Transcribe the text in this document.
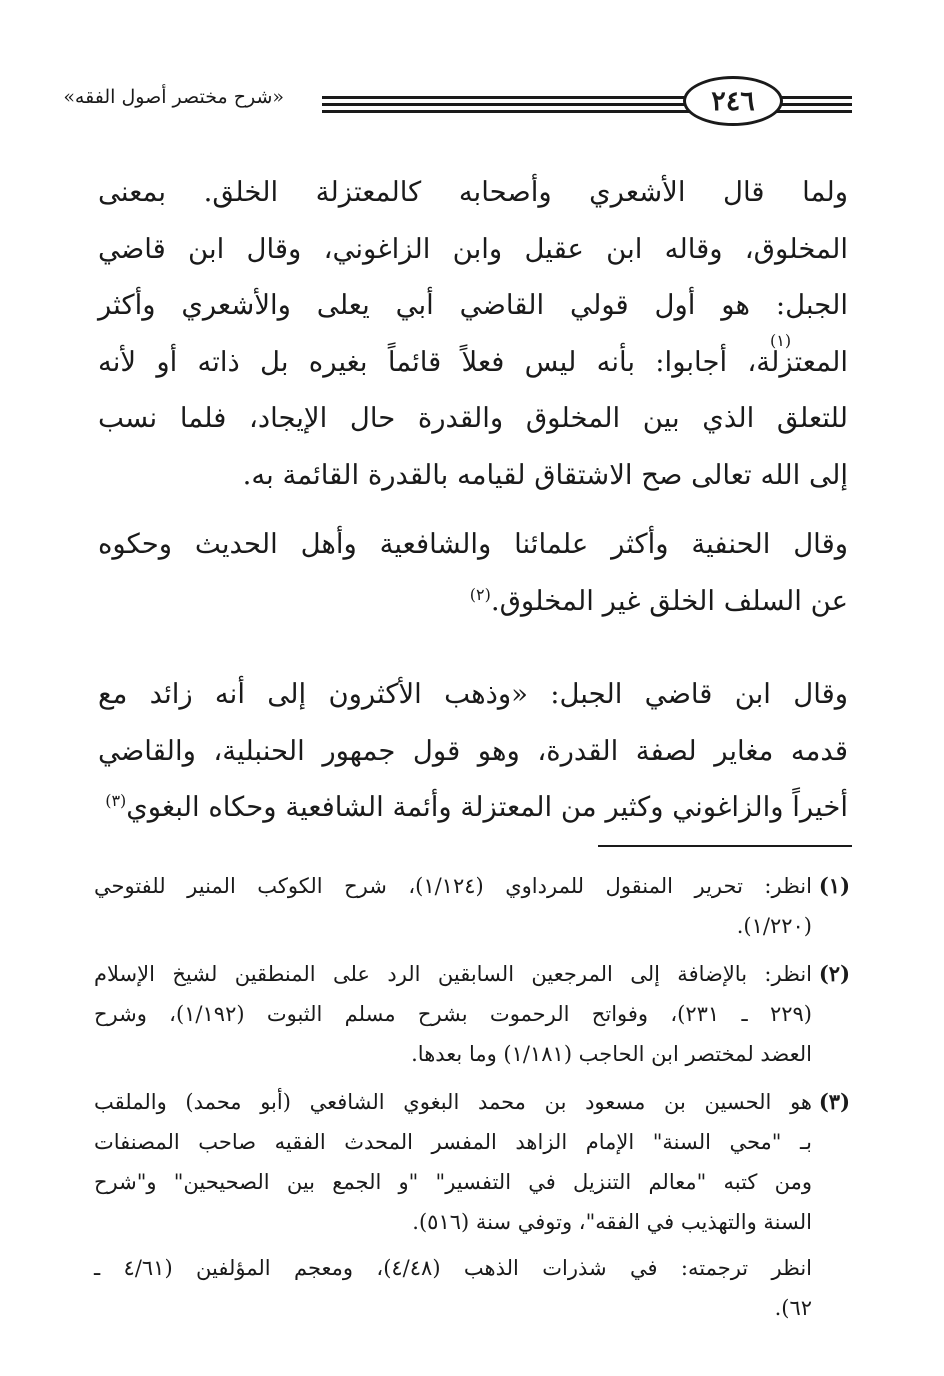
٢٤٦
«شرح مختصر أصول الفقه»
ولما قال الأشعري وأصحابه كالمعتزلة الخلق. بمعنى
المخلوق، وقاله ابن عقيل وابن الزاغوني، وقال ابن قاضي
الجبل: هو أول قولي القاضي أبي يعلى والأشعري وأكثر
المعتزلة، أجابوا: بأنه ليس فعلاً قائماً بغيره بل ذاته أو لأنه
للتعلق الذي بين المخلوق والقدرة حال الإيجاد، فلما نسب
إلى الله تعالى صح الاشتقاق لقيامه بالقدرة القائمة به.
(١)
وقال الحنفية وأكثر علمائنا والشافعية وأهل الحديث وحكوه
عن السلف الخلق غير المخلوق.$^{(٢)}$
وقال ابن قاضي الجبل: «وذهب الأكثرون إلى أنه زائد مع
قدمه مغاير لصفة القدرة، وهو قول جمهور الحنبلية، والقاضي
أخيراً والزاغوني وكثير من المعتزلة وأئمة الشافعية وحكاه البغوي$^{(٣)}$
(١)
انظر: تحرير المنقول للمرداوي (١/١٢٤)، شرح الكوكب المنير للفتوحي
(١/٢٢٠).
(٢)
انظر: بالإضافة إلى المرجعين السابقين الرد على المنطقين لشيخ الإسلام
(٢٢٩ ـ ٢٣١)، وفواتح الرحموت بشرح مسلم الثبوت (١/١٩٢)، وشرح
العضد لمختصر ابن الحاجب (١/١٨١) وما بعدها.
(٣)
هو الحسين بن مسعود بن محمد البغوي الشافعي (أبو محمد) والملقب
بـ "محي السنة" الإمام الزاهد المفسر المحدث الفقيه صاحب المصنفات
ومن كتبه "معالم التنزيل في التفسير" "و الجمع بين الصحيحين" و"شرح
السنة والتهذيب في الفقه"، وتوفي سنة (٥١٦).
انظر ترجمته: في شذرات الذهب (٤/٤٨)، ومعجم المؤلفين (٤/٦١ ـ
٦٢).
